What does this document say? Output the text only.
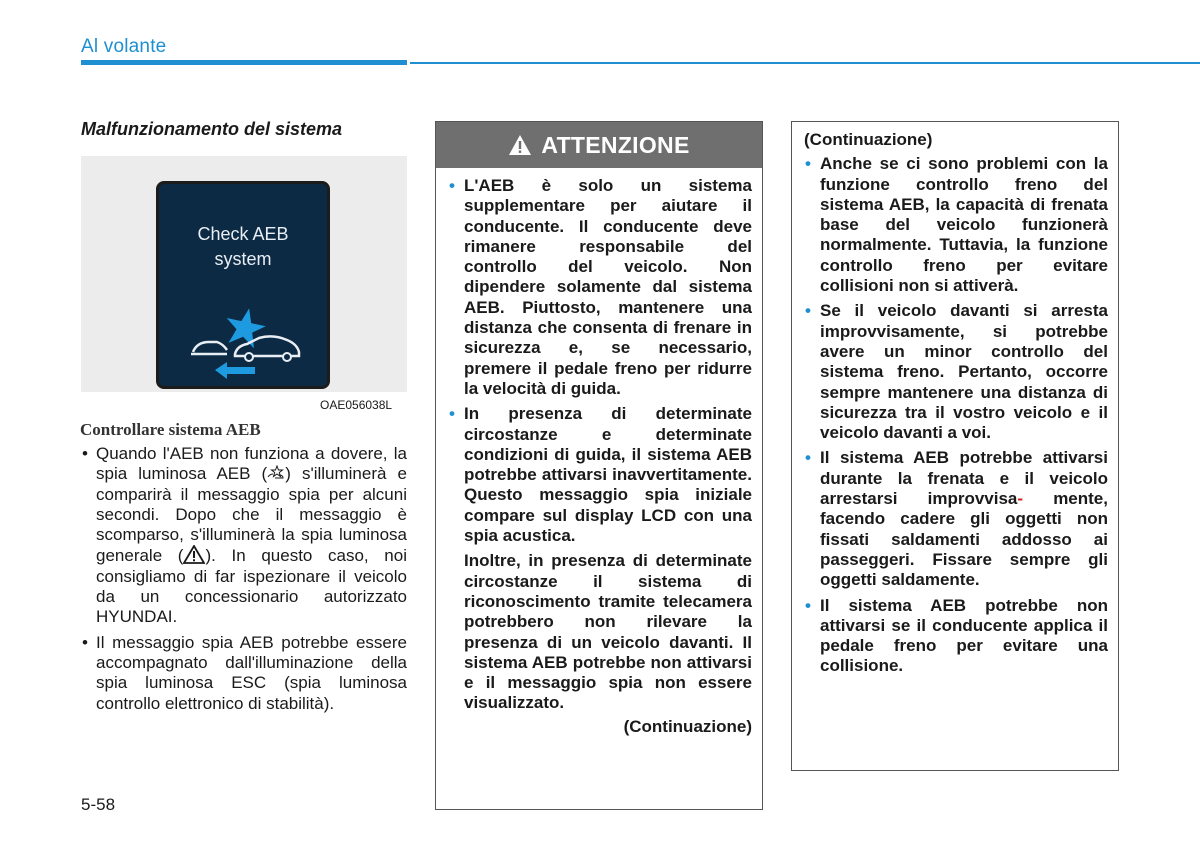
Al volante
Malfunzionamento del sistema
Check AEB
system
OAE056038L
Controllare sistema AEB
• Quando l'AEB non funziona a dovere, la spia luminosa AEB ( ) s'illuminerà e comparirà il messaggio spia per alcuni secondi. Dopo che il messaggio è scomparso, s'illuminerà la spia luminosa generale ( ). In questo caso, noi consigliamo di far ispezionare il veicolo da un concessionario autorizzato HYUNDAI.
• Il messaggio spia AEB potrebbe essere accompagnato dall'illuminazione della spia luminosa ESC (spia luminosa controllo elettronico di stabilità).
5-58
ATTENZIONE
• L'AEB è solo un sistema supplementare per aiutare il conducente. Il conducente deve rimanere responsabile del controllo del veicolo. Non dipendere solamente dal sistema AEB. Piuttosto, mantenere una distanza che consenta di frenare in sicurezza e, se necessario, premere il pedale freno per ridurre la velocità di guida.
• In presenza di determinate circostanze e determinate condizioni di guida, il sistema AEB potrebbe attivarsi inavvertitamente. Questo messaggio spia iniziale compare sul display LCD con una spia acustica.

Inoltre, in presenza di determinate circostanze il sistema di riconoscimento tramite telecamera potrebbero non rilevare la presenza di un veicolo davanti. Il sistema AEB potrebbe non attivarsi e il messaggio spia non essere visualizzato.

(Continuazione)
(Continuazione)
• Anche se ci sono problemi con la funzione controllo freno del sistema AEB, la capacità di frenata base del veicolo funzionerà normalmente. Tuttavia, la funzione controllo freno per evitare collisioni non si attiverà.
• Se il veicolo davanti si arresta improvvisamente, si potrebbe avere un minor controllo del sistema freno. Pertanto, occorre sempre mantenere una distanza di sicurezza tra il vostro veicolo e il veicolo davanti a voi.
• Il sistema AEB potrebbe attivarsi durante la frenata e il veicolo arrestarsi improvvisa- mente, facendo cadere gli oggetti non fissati saldamenti addosso ai passeggeri. Fissare sempre gli oggetti saldamente.
• Il sistema AEB potrebbe non attivarsi se il conducente applica il pedale freno per evitare una collisione.
